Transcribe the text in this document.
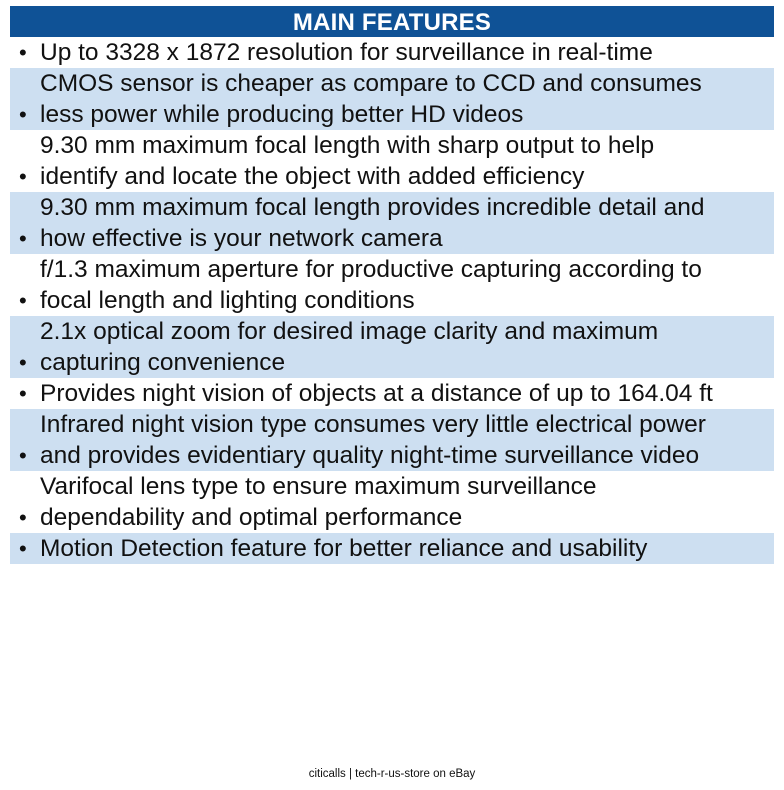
MAIN FEATURES
• Up to 3328 x 1872 resolution for surveillance in real-time
•
CMOS sensor is cheaper as compare to CCD and consumes
less power while producing better HD videos
•
9.30 mm maximum focal length with sharp output to help
identify and locate the object with added efficiency
•
9.30 mm maximum focal length provides incredible detail and
how effective is your network camera
•
f/1.3 maximum aperture for productive capturing according to
focal length and lighting conditions
•
2.1x optical zoom for desired image clarity and maximum
capturing convenience
• Provides night vision of objects at a distance of up to 164.04 ft
•
Infrared night vision type consumes very little electrical power
and provides evidentiary quality night-time surveillance video
•
Varifocal lens type to ensure maximum surveillance
dependability and optimal performance
• Motion Detection feature for better reliance and usability
citicalls | tech-r-us-store on eBay
